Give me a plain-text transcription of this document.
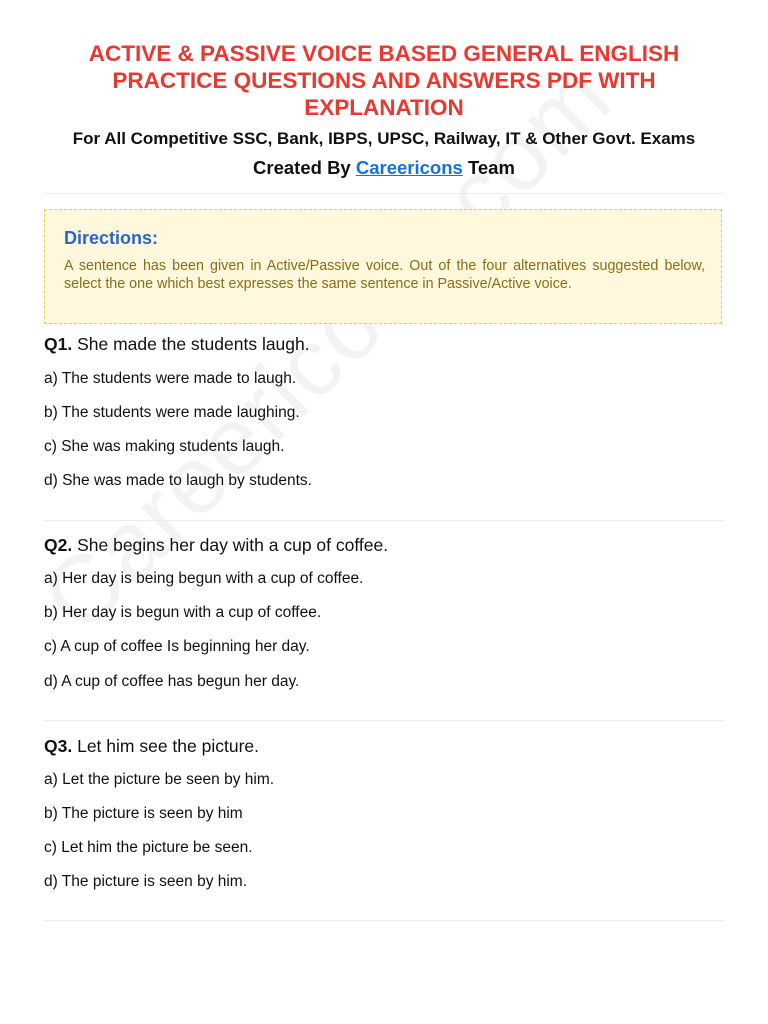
ACTIVE & PASSIVE VOICE BASED GENERAL ENGLISH PRACTICE QUESTIONS AND ANSWERS PDF WITH EXPLANATION
For All Competitive SSC, Bank, IBPS, UPSC, Railway, IT & Other Govt. Exams
Created By Careericons Team
Directions:
A sentence has been given in Active/Passive voice. Out of the four alternatives suggested below, select the one which best expresses the same sentence in Passive/Active voice.

Q1. She made the students laugh.

a) The students were made to laugh.
b) The students were made laughing.
c) She was making students laugh.
d) She was made to laugh by students.

Q2. She begins her day with a cup of coffee.

a) Her day is being begun with a cup of coffee.
b) Her day is begun with a cup of coffee.
c) A cup of coffee Is beginning her day.
d) A cup of coffee has begun her day.

Q3. Let him see the picture.

a) Let the picture be seen by him.
b) The picture is seen by him
c) Let him the picture be seen.
d) The picture is seen by him.
